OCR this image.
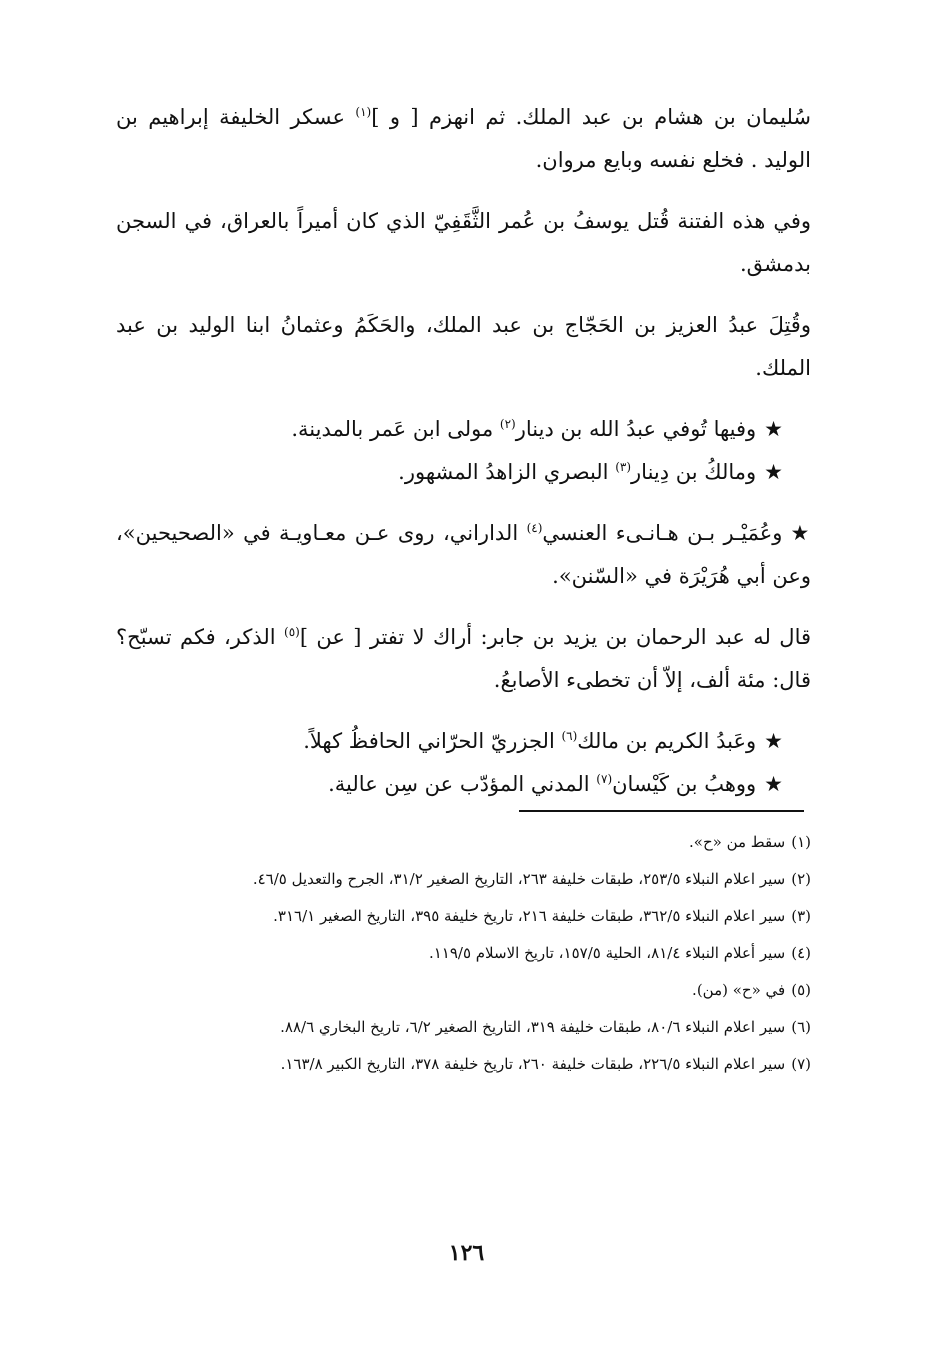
سُليمان بن هشام بن عبد الملك. ثم انهزم [ و ]$^{(١)}$ عسكر الخليفة إبراهيم بن الوليد . فخلع نفسه وبايع مروان.

وفي هذه الفتنة قُتل يوسفُ بن عُمر الثَّقَفِيّ الذي كان أميراً بالعراق، في السجن بدمشق.

وقُتِلَ عبدُ العزيز بن الحَجّاج بن عبد الملك، والحَكَمُ وعثمانُ ابنا الوليد بن عبد الملك.

★وفيها تُوفي عبدُ الله بن دينار$^{(٢)}$ مولى ابن عَمر بالمدينة.

★ومالكُ بن دِينار$^{(٣)}$ البصري الزاهدُ المشهور.

★وعُمَيْـر بـن هـانـىء العنسي$^{(٤)}$ الداراني، روى عـن معـاويـة في «الصحيحين»، وعن أبي هُرَيْرَة في «السّنن».

قال له عبد الرحمان بن يزيد بن جابر: أراك لا تفتر [ عن ]$^{(٥)}$ الذكر، فكم تسبّح؟ قال: مئة ألف، إلاّ أن تخطىء الأصابعُ.

★وعَبدُ الكريم بن مالك$^{(٦)}$ الجزريّ الحرّاني الحافظُ كهلاً.

★ووهبُ بن كَيْسان$^{(٧)}$ المدني المؤدّب عن سِن عالية.

(١)سقط من «ح».

(٢)سير اعلام النبلاء ٢٥٣/٥، طبقات خليفة ٢٦٣، التاريخ الصغير ٣١/٢، الجرح والتعديل ٤٦/٥.

(٣)سير اعلام النبلاء ٣٦٢/٥، طبقات خليفة ٢١٦، تاريخ خليفة ٣٩٥، التاريخ الصغير ٣١٦/١.

(٤)سير أعلام النبلاء ٨١/٤، الحلية ١٥٧/٥، تاريخ الاسلام ١١٩/٥.

(٥)في «ح» (من).

(٦)سير اعلام النبلاء ٨٠/٦، طبقات خليفة ٣١٩، التاريخ الصغير ٦/٢، تاريخ البخاري ٨٨/٦.

(٧)سير اعلام النبلاء ٢٢٦/٥، طبقات خليفة ٢٦٠، تاريخ خليفة ٣٧٨، التاريخ الكبير ١٦٣/٨.

١٢٦
